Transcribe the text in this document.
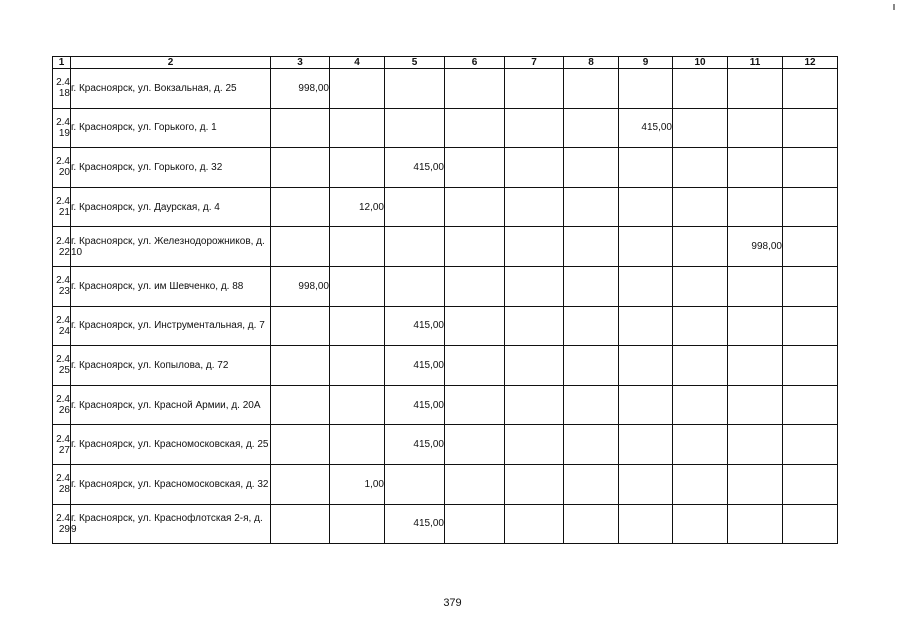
1	2	3	4	5	6	7	8	9	10	11	12

2.4
18	г. Красноярск, ул. Вокзальная, д. 25	998,00									

2.4
19	г. Красноярск, ул. Горького, д. 1							415,00			

2.4
20	г. Красноярск, ул. Горького, д. 32			415,00							

2.4
21	г. Красноярск, ул. Даурская, д. 4		12,00								

2.4
22	г. Красноярск, ул. Железнодорожников, д. 10									998,00	

2.4
23	г. Красноярск, ул. им Шевченко, д. 88	998,00									

2.4
24	г. Красноярск, ул. Инструментальная, д. 7			415,00							

2.4
25	г. Красноярск, ул. Копылова, д. 72			415,00							

2.4
26	г. Красноярск, ул. Красной Армии, д. 20А			415,00							

2.4
27	г. Красноярск, ул. Красномосковская, д. 25			415,00							

2.4
28	г. Красноярск, ул. Красномосковская, д. 32		1,00								

2.4
29	г. Красноярск, ул. Краснофлотская 2-я, д. 9			415,00							
379
